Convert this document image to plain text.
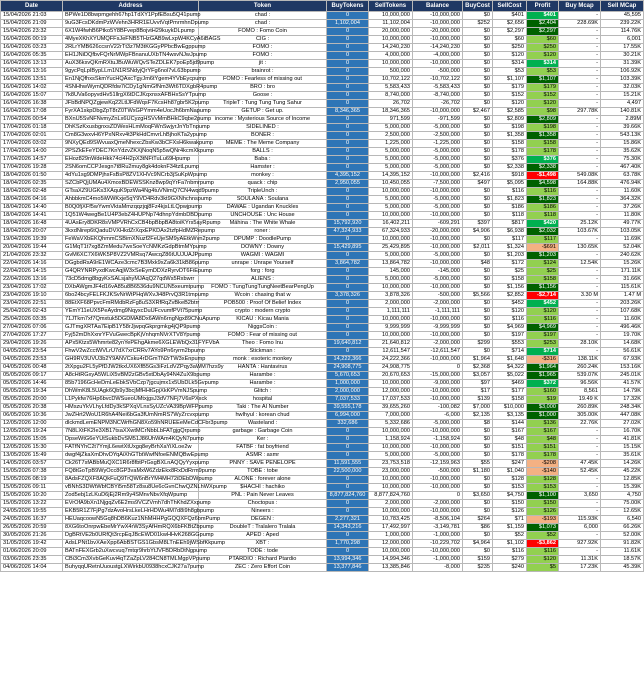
Date	Address	Token	BuyTokens	SellTokens	Balance	BuyCost	SellCost	Profit	Buy Mcap	Sell MCap
15/04/2026 21:03	BPWe1D8bwpmgehh67hp1TdXY1PpfEBsu5Q41pump	chad :	0	10,000,000	-10,000,000	$0	$401	$401	-	45,595
15/04/2026 21:09	9uG3FcsDKdmPzWVehn3HRR1EUvvtVqtPmrmhnDpump	chad :	1,102,004	11,102,004	-10,000,000	$252	$2,656	$2,404	228.69K	239.22K
15/04/2026 23:32	6X1W4fwhB6Ptko5Y8BFvep8BojvtH29kuykDLpump	FOMO : Fomo Coin	0	20,000,000	-20,000,000	$0	$2,297	$2,297	-	114.76K
16/04/2026 00:19	4MyeXKhXYUMQFFsJeFNB5THzGAB9wLxpW4KCyA6iBAGS	CIG :	0	10,000,000	-10,000,000	$0	$60	$60	-	6,001
16/04/2026 03:23	2RLrYMB626ccsnV22rTt3z7M3tKGGyPPbcBwEgppump	FOMO :	0	14,240,230	-14,240,230	$0	$250	$250	-	17.55K
16/04/2026 05:35	EH1JNiDQfbvFQrNrMWpFBnanuUXbTN4wsvNJwJpump	FOMO :	0	4,000,000	-4,000,000	$0	$120	$120	-	30.21K
16/04/2026 13:13	AuX36ksvQKmRXtuJBuWuWQvSTeZDLEK7poEp5jd9pump	jit :	0	10,000,000	-10,000,000	$0	$314	$314	-	31.39K
16/04/2026 13:16	9gycPqLpIBypLLm1N1RSNdyjQrYFg6nol7vL63bpump	brainrot :	0	500,000	-500,000	$0	$53	$53	-	106.92K
16/04/2026 13:51	En1NjQfhxsSkmYucHQAxcTgyJm6tYgem4YVbEycpump	FOMO : Fearless of missing out	0	10,702,122	-10,702,122	$0	$1,107	$1,107	-	103.39K
16/04/2026 14:02	4SNHhwWymQDRfdw7iCDy1gNmGfNm3Wt6TDXgbR4pump	BRO : bro	0	5,583,433	-5,583,433	$0	$179	$179	-	32.03K
16/04/2026 15:07	7k8UVa6opyvdHv51llrgX6tDCJKqxnsxAFBHxSsYTpump	Goose :	0	8,740,000	-8,740,000	$0	$152	$152	-	15.21K
16/04/2026 16:38	JFbBdNPQZgjewKq22LtlJFdWqsF7KcsHh87gbr5K2pump	TripleT : Tung Tung Tung Sahur	0	26,702	-26,702	$0	$120	$120	-	4,497
16/04/2026 17:08	FyrXA1skpDbgZpT8rZ0TWxGPYmm4eUocJh6bmNapump	GETUP : Get up.	8,346,365	18,346,365	-10,000,000	$2,467	$2,585	$98	297.78K	140.81K
17/04/2026 00:54	BXnU5SvNFNvmyZnLx6UCyzgHSVvMmBHkC9qbe2pump	income : Mysterious Source of Income	0	971,599	-971,599	$0	$2,809	$2,809	-	2.89M
17/04/2026 01:18	DhKSzKxusbgnxsZDWesHLmMoqFWnSwjyrJnYbTnpump	SIDELINED :	0	5,000,000	-5,000,000	$0	$198	$198	-	39.66K
17/04/2026 02:01	Cm8G3wxvH6YPxNRxv4t3PkHdCmvrLhBjhoKTa2ypump	BONER :	0	2,500,000	-2,500,000	$0	$1,358	$1,358	-	543.13K
17/04/2026 03:02	9NXyQEd9SWvuaxQmeNhexcZbsKw3bCFXsH6kwakpump	MEME : The Meme Company	0	1,225,000	-1,225,000	$0	$158	$158	-	15.86K
17/04/2026 14:00	2PSZkEFeYDEC7KnYdzvZKXjNoqN5p5wQNr4kcmXkpump	BALLS :	0	5,000,000	-5,000,000	$0	$178	$178	-	35.62K
17/04/2026 14:57	EHoz829nWdeHkk74ci4H2pX3tNFtTuLu69Hpump	Baba :	0	5,000,000	-5,000,000	$0	$376	$376	-	75.30K
17/04/2026 19:28	2SN6omCCPJesgn7t8Ru2muy8gk4doknF34tztLpump	Hamster :	0	5,000,000	-5,000,000	$0	$2,338	$2,338	-	467.40K
18/04/2026 01:50	4dYu1sg9DMPjhsFsBsP8ZV1XHVc9NCrb3jSuKpWpump	monkey :	4,395,152	14,395,152	-10,000,000	$2,416	$918	-$1,498	549.08K	63.78K
18/04/2026 02:35	SZCbPQjUMAu4XmoxBDEWSSKnz8wp9qYrFa7nbmrpump	quack : chip	2,950,055	10,450,055	-7,500,000	$497	$5,095	$4,598	164.88K	476.94K
18/04/2026 02:48	GTsaXZ9UGKs3XAquK9pzWa4Ng4tuVNimQ7CN4wqd9pump	TripleUnch :	0	10,000,000	-10,000,000	$0	$116	$116	-	11.60K
18/04/2026 04:16	AhbbkmC4mo5iWWKxje5qY9VD4Rdv3kt9GXNhchnspump	SOULANA : Soulana	0	5,000,000	-5,000,000	$0	$1,823	$1,823	-	364.32K
18/04/2026 14:40	B0Q0fjXFf5wYwmVktaMmzqqzjqj8Fz4kjsLtLQpwjpump	DAWAE : Ugandan Knuckles	0	5,000,000	-5,000,000	$0	$186	$186	-	37.26K
18/04/2026 14:41	1Q51W4wegBe1U4P3ebZ4HUPNp74dhnpYdmbDBDpump	UNCHOUSE : Unc House	0	10,000,000	-10,000,000	$0	$118	$118	-	11.80K
18/04/2026 16:48	4UAsEry8DKR8sVMPVRhCxCB4bpBbpBA8toiKYrs5ayRpump	Mähina : The White Whale	15,792,920	16,402,211	-609,291	$397	$817	$420	25.12K	49.77K
18/04/2026 20:07	3kxdNirep6tQaduDVXHkdZrXqxEPKDAx2tzfpHdMZRepump	roner :	47,324,933	67,324,933	-20,000,000	$4,906	$6,938	$2,032	103.67K	103.05K
19/04/2026 19:39	FeWaVXbEKQhmmCSBimXNuzf2FeUjeSM9yAEtkWvn2pump	DPUMP : DoodlePump	0	10,000,000	-10,000,000	$0	$117	$117	-	11.69K
20/04/2026 19:44	G1MqT1t7xg8ZmMedu7wxSoeYcNMKzGdpBtmMYpump	DOWNY : Downy	15,429,895	25,429,895	-10,000,000	$2,011	$1,324	-$691	130.65K	52.04K
21/04/2026 23:32	GvM6XC7X6WK5P8VZ2VMRsq7AwcqZ86tUUJUAJPpump	WAGMI : WAGMI	0	5,000,000	-5,000,000	$0	$1,203	$1,203	-	240.62K
22/04/2026 14:16	DGgbdRsA9rE1WCAze3cmc7B3Mxk9xZa6k31kB86pump	unrape : Unrape Yourself	3,864,782	13,864,782	-10,000,000	$48	$172	$124	12.54K	15.26K
22/04/2026 14:15	G4QRYNRPyxdKwcAqjW3xSeEymDDXzRyrvDT6FiEpump	forg : forg	0	145,000	-145,000	$0	$25	$25	-	171.11K
22/04/2026 13:16	73cD5dmg8bgyKxSALsjahyMJAqQ27qdWs5Rxbwrr	ALIENS :	0	5,000,000	-5,000,000	$0	$158	$158	-	31.66K
23/04/2026 17:02	DXbAWgmJF4d16vA85u8B6536du9NCUN5xeumtpump	FOMO : TungTungTungNeetBearPengUp	0	10,000,000	-10,000,000	$0	$1,156	$1,156	-	115.61K
23/04/2026 19:10	6bo24bcyFELFKJKSvNrWtPHqWXvJi48PrvQ3R1tmpump	Wcoin : chasing that w	3,378,326	3,878,326	-500,000	$5,566	$2,852	-$2,714	3.30 M	1.47 M
23/04/2026 22:51	88EtXF68PpvcFmRMdbRzFg8uS3XRfRqZvBkeB2btrr	POB500 : Proof Of Belief Index	0	2,000,000	-2,000,000	$0	$452	$452	-	203.26K
25/04/2026 02:43	YEmY11eUX5PeAydmg9NqyxcDuUFcvumfPVt75pump	crypto : modern crypto	0	1,111,111	-1,111,111	$0	$120	$120	-	107.68K
25/04/2026 03:35	71JTkm7xf7Qmxtuk5DGDMA8Dx6AWn6rngNgx89CNuApump	KICAU : Kicau Mania	0	10,000,000	-10,000,000	$0	$116	$116	-	11.60K
27/04/2026 07:06	GJTmgXRTAa7EipB1Y58rJjwpqGkprgmkg4jQP9pump	NiggsCoin :	0	9,999,999	-9,999,999	$0	$4,969	$4,969	-	496.46K
27/04/2026 17:27	Fyj52mDhXxnrYFVuGwecBpKjVnhqmNVrXTV8Ypump	FOMO : Fear of missing out	0	10,000,000	-10,000,000	$0	$197	$197	-	19.70K
29/04/2026 19:26	APx5Ktzs5Whmrte82ynYePEhgAkme6XGLEWbQx31FYFVbA	Theo : Fomo Inu	19,640,812	21,640,812	-2,000,000	$299	$553	$253	28.10K	14.68K
04/05/2026 23:54	FhwV2wZcctWVLrU7dX7xrCRRv7AYo9Pn6ryrm2bpump	Stickman :	0	12,611,547	-12,611,547	$0	$714	$714	-	56.61K
04/05/2026 23:53	GH9RV3UVU3b2Y9ANVCsku4rDGmTN2rTW3xEnpump	monk : esoteric monkey	14,222,366	24,222,366	-10,000,000	$1,964	$1,648	-$316	138.11K	67.93K
04/05/2026 00:48	2tXpgu2FL5yPfDJW2tkxUX6XfB5Gs3iFzLdVZPqy3aWM7hzs9y	HANTA : Hantavirus	24,908,775	24,908,775	0	$2,368	$4,322	$1,964	260.24K	153.16K
05/05/2026 09:17	A8cHtRGxyA5WLiX5vBM2zGBv5xtDbAy94N4ZuX9bpump	Harambe :	5,670,653	20,670,653	-15,000,000	$3,057	$5,022	$1,965	539.07K	245.01K
05/05/2026 14:46	85b7196GcHeDmLeEbkSVbCzp7jgcujmx1x5UbDLk5Gvpump	Harambe :	1,000,000	10,000,000	-9,000,000	$97	$469	$372	96.56K	41.57K
05/05/2026 19:34	DhWmK8L5UAgk6Qb9y3bcjMfHHtGpjXkKPVmNJSpump	Glitch :	2,000,000	12,000,000	-10,000,000	$17	$177	$160	8,561	14.79K
05/05/2026 20:00	L1Pykfw76Hp6bvcDWSueoUMtxjgsJ3dV7NFj7V6sPXxck	hospital	7,037,533	17,037,533	-10,000,000	$139	$158	$19	19.49 K	17.32K
05/05/2026 20:38	HMszuYkVLhyLfdDy3kSPXqVLnsSyUZcVA39BpWFPpump	Taki : The AI Number	39,555,178	39,655,260	-100,082	$7,000	$10,000	$3,000	260.89K	248.34K
06/05/2026 10:36	JwZHrt2WoU1R6hA4Nei6bGa3fUmNmRS7WyZrcvxpump	hwlhyul : korean chud	6,994,000	7,000,000	-6,000	$2,135	$3,135	$1,000	305.00K	447.08K
12/05/2026 12:00	dlckmdLemENPM3NCWrfhGN8Xo59hNRUEEeMeCdCFbr3pump	Wasteland :	332,686	5,332,686	-5,000,000	$8	$144	$136	22.76K	27.02K
12/05/2026 19:24	7N8LXtFK2Ie3XB17tsaXXwtMCrNbbLbFATgjgQrpump	garbage : Garbage Coin	0	10,000,000	-10,000,000	$0	$167	$167	-	16.70K
12/05/2026 15:05	DpseWtG6eYUtSukbDvSM51J86UhWAm4KQyN7pump	Ker :	0	1,158,924	-1,158,924	$0	$48	$48	-	41.81K
12/05/2026 15:30	FATfNYhC2t7YmjL6ewtXtUxgq8eyBrhXaYiXLoe2w	FATBF : fat boyfriend	0	10,000,000	-10,000,000	$0	$151	$151	-	15.15K
13/05/2026 15:49	dwgf4jZkaXmDhvDYqAiXhGTbtWwfNfoeENMQBwEpump	ASMR : asmr	0	5,000,000	-5,000,000	$0	$178	$178	-	35.61K
14/05/2026 03:57	Ck26T7sfABbMuQXC1R6r8fbtPrGsgBXLnAQQyYyxpump	PNNY : SAVE PENELOPE	11,591,555	23,753,518	-12,159,963	$55	$247	-$208	47.45K	14.26K
15/05/2026 07:38	FQ8tGoTpB9WyOcc8GP3vaMxW6ZdzEkx8RxDdRrm9pump	TOBE : tobe	22,500,000	23,000,000	-500,000	$1,180	$1,040	-$140	52.45K	45.22K
15/05/2026 08:19	8AdsFZQXF8AQkFuQ9TrQW6nBrYM4MH72iDEbDWpump	ALONE : forever alone	0	10,000,000	-10,000,000	$0	$128	$128	-	12.85K
15/05/2026 09:11	vBNhS3DWtWbfCBYi5m58Tz8su8Ue6cGvnChwQZNLhWXpump	$HACHI : hachiko	0	10,000,000	-10,000,000	$0	$153	$153	-	15.39K
15/05/2026 10:20	Zod5ebj1zLKuD6jEj2Rm9y4SMnvNbvXfqWpump	PNL : Pain Never Leaves	8,877,824,760	8,877,824,760	0	$3,650	$4,750	$1,100	3,650	4,750
15/05/2026 13:22	EVrOfA9bXn1NjgqZv6E2ms9VCZVmh7dhThKhdZXxpump	Choctopus :	0	2,000,000	-2,000,000	$0	$150	$150	-	75.00K
24/05/2026 19:55	EKB5R1Z7FjPg7dzAvoHrsLkeLHrHDWu4M7d8i9h8gbpump	Nineers :	0	10,000,000	-10,000,000	$0	$126	$126	-	12.65K
24/05/2026 16:37	HEUaqcoowN5Gq8hDB6Kuz1NhMHHPgGQQXFQz6bmPump	DEGEN :	2,277,321	10,783,425	-8,506,104	$264	$71	-$193	115.93K	6,540
26/05/2026 20:59	8XG6toOnrpwEbeMrYwX4rW3SyAfHmRQX6bFKBtZbpump	DoubleT : Tralalero Tralala	14,343,216	17,492,997	-3,149,781	$86	$1,159	$1,073	6,000	66.26K
30/05/2026 21:26	DgBRtVE2b0URfQt3rcpEqJBcEWD01kwHHvK268GGpump	APED : Aped	0	1,000,000	-1,000,000	$0	$52	$52	-	52.00K
31/05/2026 19:42	AdsLPNt1bvXAeXpp6AbBSTGS1GbsM8LTnEEh9jWSbfKkpump	XBT :	1,770,298	12,000,000	-10,229,702	$4,964	$1,102	-$3,862	927.92K	91.82K
01/06/2026 20:09	BATnFEXGrb2uXwcvuq7mtqr9hrbYtJVFBDRbDtNgpump	TODE : tode	0	10,000,000	-10,000,000	$0	$116	$116	-	11.61K
03/06/2026 23:35	CBi3Cm3XvbGeKuvi4qTZaZpLV284CN8TMLMgpVPpump	PTARDIO : Richard Ptardio	13,994,346	14,994,346	-1,000,000	$159	$279	$120	11.31K	18.57K
04/06/2026 14:04	BuhyqqURetnUuoustgLXWirkbU0938hcxCJK27a7pump	ZEC : Zero Effort Coin	13,377,846	13,385,846	-8,000	$235	$240	$5	17.23K	45.39K
